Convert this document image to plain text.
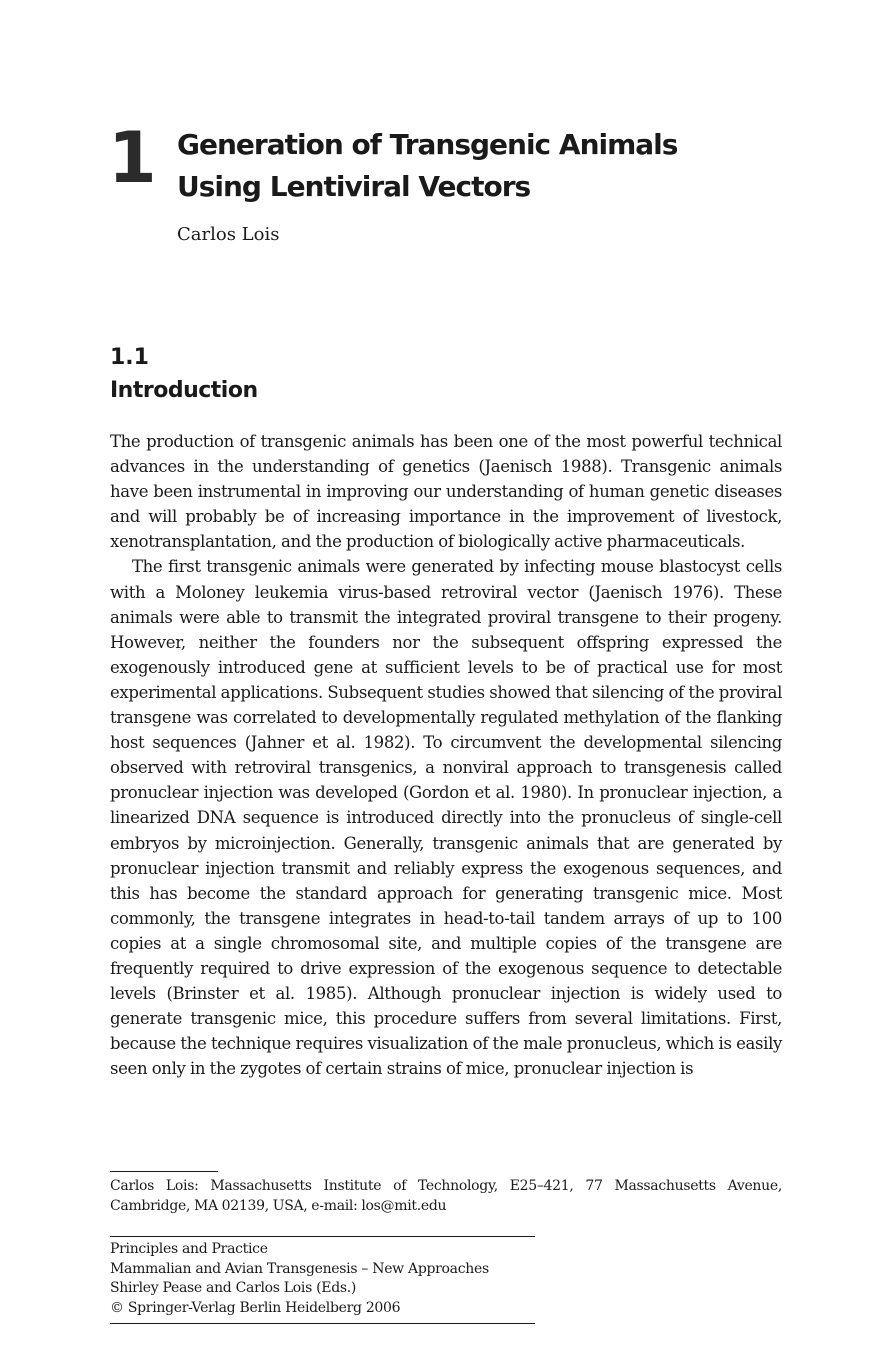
1 Generation of Transgenic Animals
Using Lentiviral Vectors
Carlos Lois
1.1
Introduction

The production of transgenic animals has been one of the most powerful technical advances in the understanding of genetics (Jaenisch 1988). Transgenic animals have been instrumental in improving our understanding of human genetic diseases and will probably be of increasing importance in the improvement of livestock, xenotransplantation, and the production of biologically active pharmaceuticals.

The first transgenic animals were generated by infecting mouse blastocyst cells with a Moloney leukemia virus-based retroviral vector (Jaenisch 1976). These animals were able to transmit the integrated proviral transgene to their progeny. However, neither the founders nor the subsequent offspring expressed the exogenously introduced gene at sufficient levels to be of practical use for most experimental applications. Subsequent studies showed that silencing of the proviral transgene was correlated to developmentally regulated methylation of the flanking host sequences (Jahner et al. 1982). To circumvent the developmental silencing observed with retroviral transgenics, a nonviral approach to transgenesis called pronuclear injection was developed (Gordon et al. 1980). In pronuclear injection, a linearized DNA sequence is introduced directly into the pronucleus of single-cell embryos by microinjection. Generally, transgenic animals that are generated by pronuclear injection transmit and reliably express the exogenous sequences, and this has become the standard approach for generating transgenic mice. Most commonly, the transgene integrates in head-to-tail tandem arrays of up to 100 copies at a single chromosomal site, and multiple copies of the transgene are frequently required to drive expression of the exogenous sequence to detectable levels (Brinster et al. 1985). Although pronuclear injection is widely used to generate transgenic mice, this procedure suffers from several limitations. First, because the technique requires visualization of the male pronucleus, which is easily seen only in the zygotes of certain strains of mice, pronuclear injection is

Carlos Lois: Massachusetts Institute of Technology, E25–421, 77 Massachusetts Avenue, Cambridge, MA 02139, USA, e-mail: los@mit.edu
Principles and Practice
Mammalian and Avian Transgenesis – New Approaches
Shirley Pease and Carlos Lois (Eds.)
© Springer-Verlag Berlin Heidelberg 2006
